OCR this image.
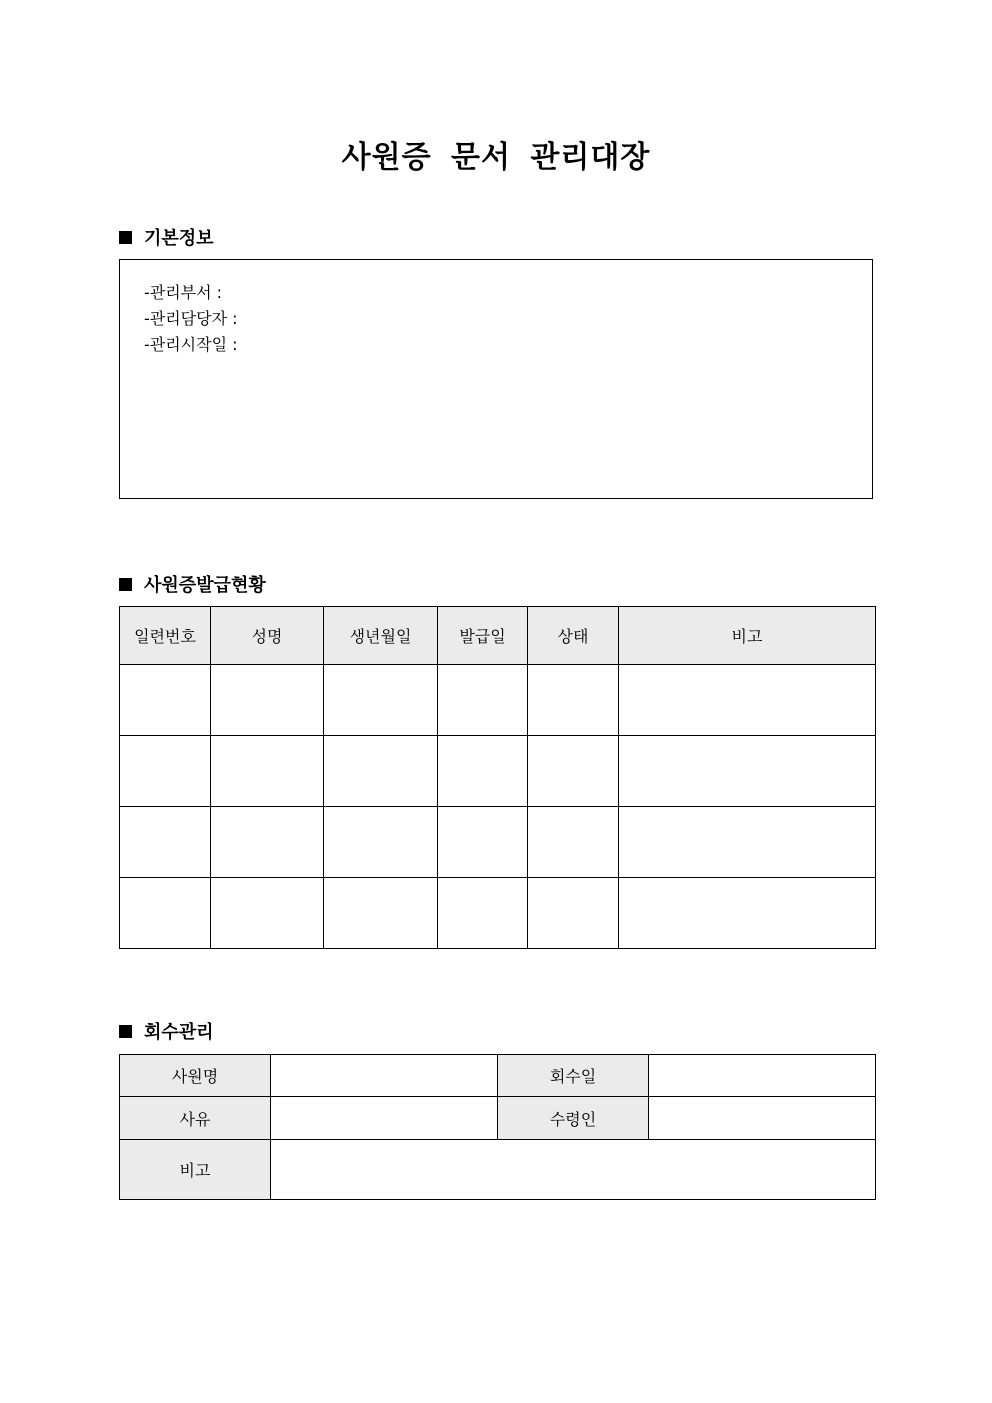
사원증 문서 관리대장
기본정보
-관리부서 :
-관리담당자 :
-관리시작일 :
사원증발급현황
일련번호	성명	생년월일	발급일	상태	비고

회수관리
사원명		회수일	
사유		수령인	
비고			
